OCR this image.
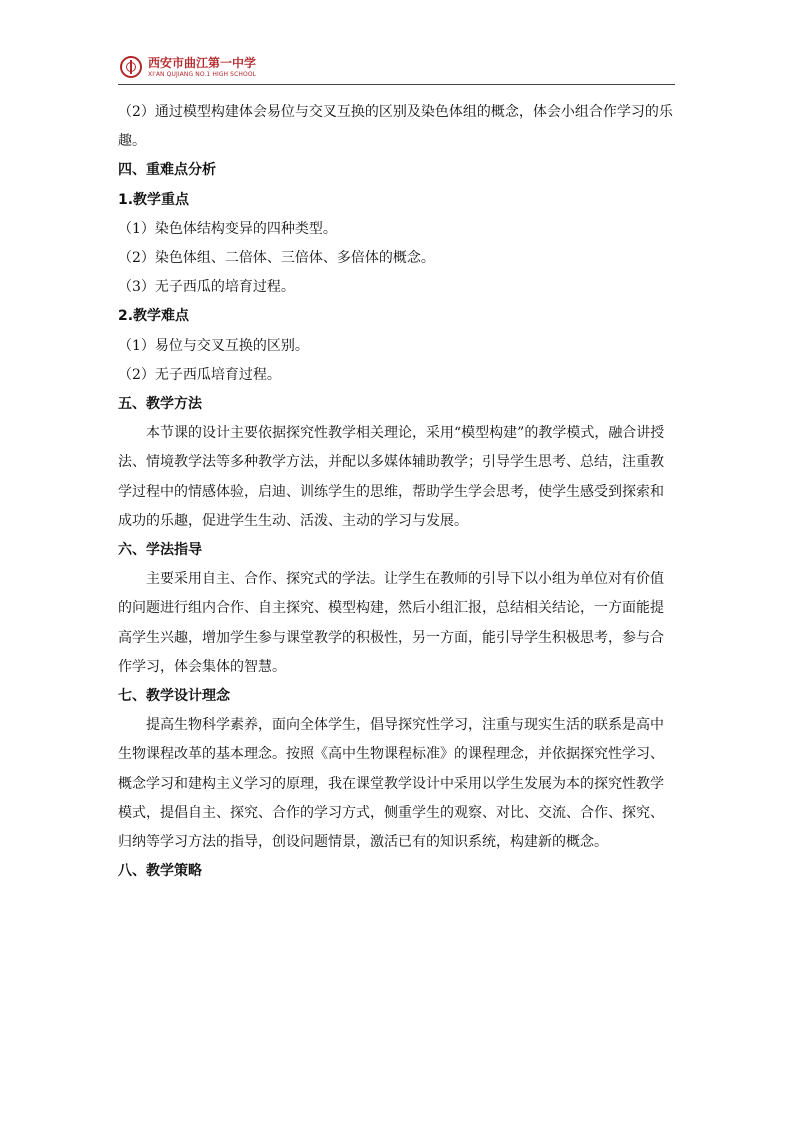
西安市曲江第一中学
XI'AN QUJIANG NO.1 HIGH SCHOOL

（2）通过模型构建体会易位与交叉互换的区别及染色体组的概念，体会小组合作学习的乐趣。

四、重难点分析

1.教学重点

（1）染色体结构变异的四种类型。
（2）染色体组、二倍体、三倍体、多倍体的概念。
（3）无子西瓜的培育过程。

2.教学难点

（1）易位与交叉互换的区别。
（2）无子西瓜培育过程。

五、教学方法

本节课的设计主要依据探究性教学相关理论，采用“模型构建”的教学模式，融合讲授法、情境教学法等多种教学方法，并配以多媒体辅助教学；引导学生思考、总结，注重教学过程中的情感体验，启迪、训练学生的思维，帮助学生学会思考，使学生感受到探索和成功的乐趣，促进学生生动、活泼、主动的学习与发展。

六、学法指导

主要采用自主、合作、探究式的学法。让学生在教师的引导下以小组为单位对有价值的问题进行组内合作、自主探究、模型构建，然后小组汇报，总结相关结论，一方面能提高学生兴趣，增加学生参与课堂教学的积极性，另一方面，能引导学生积极思考，参与合作学习，体会集体的智慧。

七、教学设计理念

提高生物科学素养，面向全体学生，倡导探究性学习，注重与现实生活的联系是高中生物课程改革的基本理念。按照《高中生物课程标准》的课程理念，并依据探究性学习、概念学习和建构主义学习的原理，我在课堂教学设计中采用以学生发展为本的探究性教学模式，提倡自主、探究、合作的学习方式，侧重学生的观察、对比、交流、合作、探究、归纳等学习方法的指导，创设问题情景，激活已有的知识系统，构建新的概念。

八、教学策略
